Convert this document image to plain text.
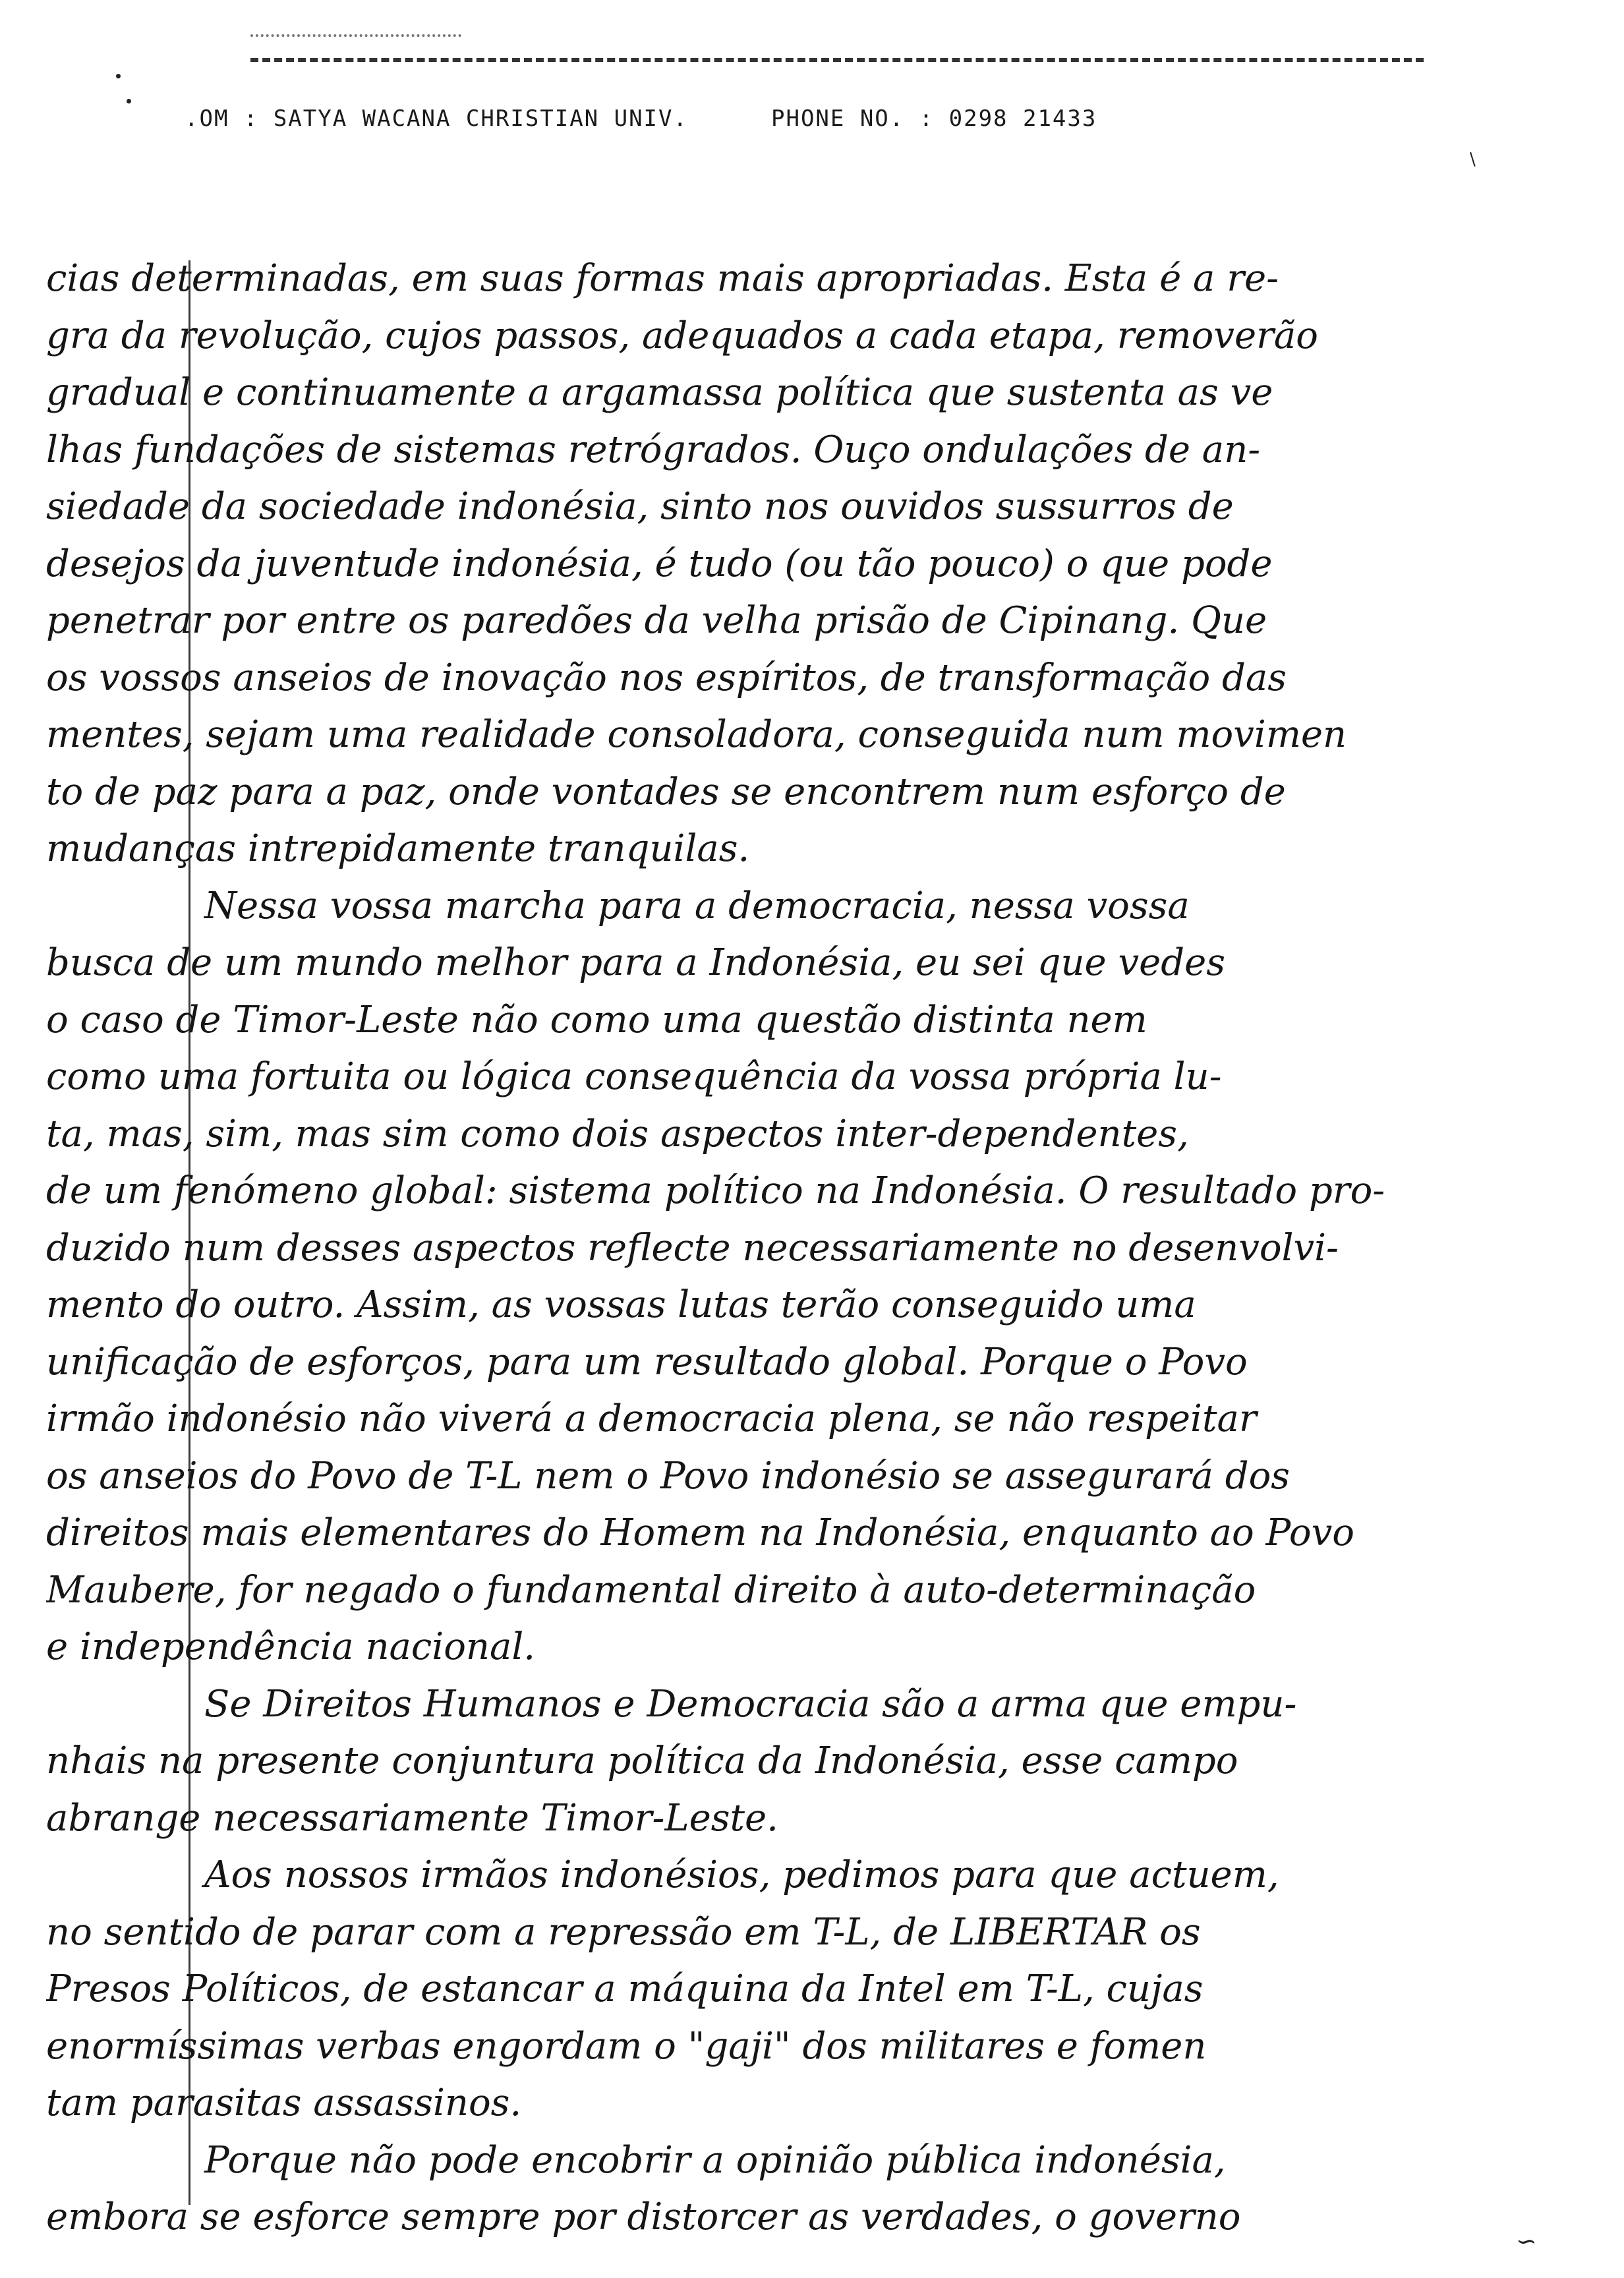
.OM : SATYA WACANA CHRISTIAN UNIV.	PHONE NO. : 0298 21433
∖
cias determinadas, em suas formas mais apropriadas. Esta é a re-
gra da revolução, cujos passos, adequados a cada etapa, removerão
gradual e continuamente a argamassa política que sustenta as ve
lhas fundações de sistemas retrógrados. Ouço ondulações de an-
siedade da sociedade indonésia, sinto nos ouvidos sussurros de
desejos da juventude indonésia, é tudo (ou tão pouco) o que pode
penetrar por entre os paredões da velha prisão de Cipinang. Que
os vossos anseios de inovação nos espíritos, de transformação das
mentes, sejam uma realidade consoladora, conseguida num movimen
to de paz para a paz, onde vontades se encontrem num esforço de
mudanças intrepidamente tranquilas.
Nessa vossa marcha para a democracia, nessa vossa
busca de um mundo melhor para a Indonésia, eu sei que vedes
o caso de Timor-Leste não como uma questão distinta nem
como uma fortuita ou lógica consequência da vossa própria lu-
ta, mas, sim, mas sim como dois aspectos inter-dependentes,
de um fenómeno global: sistema político na Indonésia. O resultado pro-
duzido num desses aspectos reflecte necessariamente no desenvolvi-
mento do outro. Assim, as vossas lutas terão conseguido uma
unificação de esforços, para um resultado global. Porque o Povo
irmão indonésio não viverá a democracia plena, se não respeitar
os anseios do Povo de T-L nem o Povo indonésio se assegurará dos
direitos mais elementares do Homem na Indonésia, enquanto ao Povo
Maubere, for negado o fundamental direito à auto-determinação
e independência nacional.
Se Direitos Humanos e Democracia são a arma que empu-
nhais na presente conjuntura política da Indonésia, esse campo
abrange necessariamente Timor-Leste.
Aos nossos irmãos indonésios, pedimos para que actuem,
no sentido de parar com a repressão em T-L, de LIBERTAR os
Presos Políticos, de estancar a máquina da Intel em T-L, cujas
enormíssimas verbas engordam o "gaji" dos militares e fomen
tam parasitas assassinos.
Porque não pode encobrir a opinião pública indonésia,
embora se esforce sempre por distorcer as verdades, o governo
∽
